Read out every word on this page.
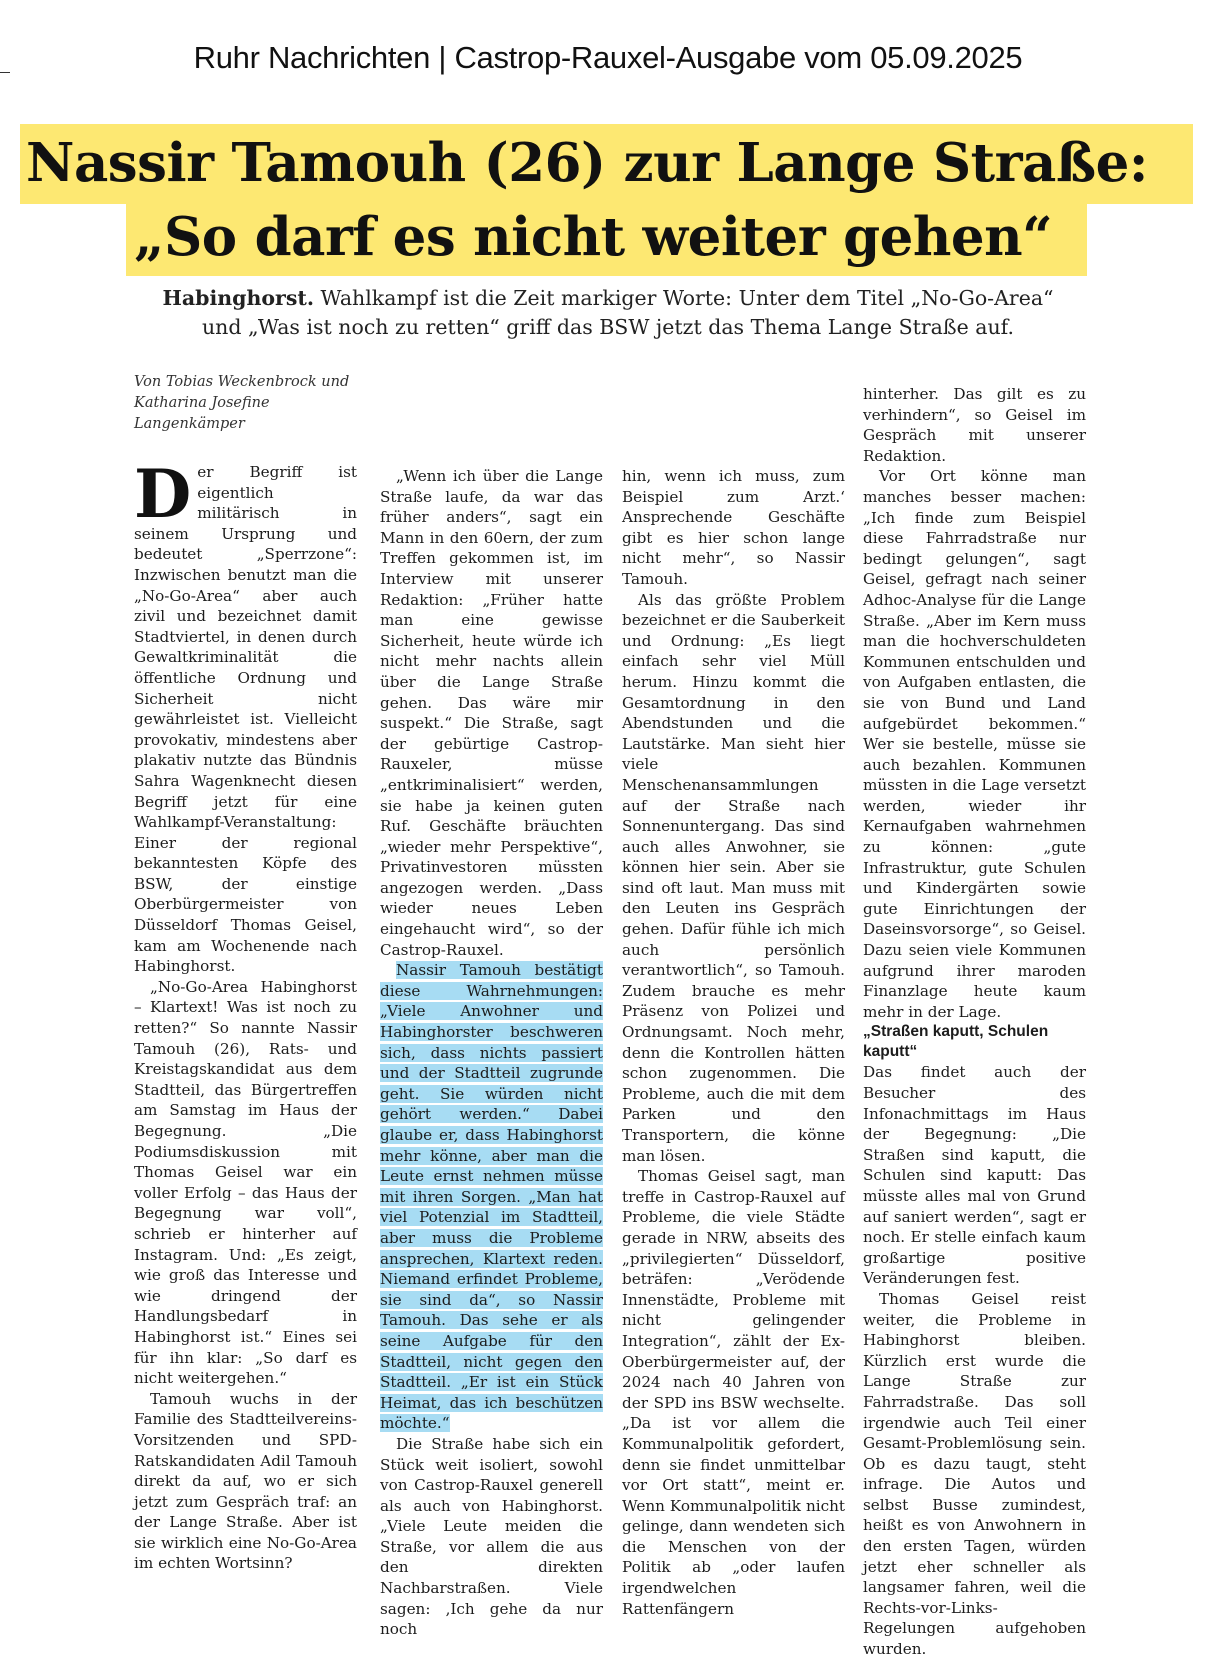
Ruhr Nachrichten | Castrop-Rauxel-Ausgabe vom 05.09.2025
Nassir Tamouh (26) zur Lange Straße:
„So darf es nicht weiter gehen“
Habinghorst. Wahlkampf ist die Zeit markiger Worte: Unter dem Titel „No-Go-Area“
und „Was ist noch zu retten“ griff das BSW jetzt das Thema Lange Straße auf.
Von Tobias Weckenbrock und Katharina Josefine Langenkämper

Der Begriff ist eigentlich militärisch in seinem Ursprung und bedeutet „Sperrzone“: Inzwischen benutzt man die „No-Go-Area“ aber auch zivil und bezeichnet damit Stadtviertel, in denen durch Gewaltkriminalität die öffentliche Ordnung und Sicherheit nicht gewährleistet ist. Vielleicht provokativ, mindestens aber plakativ nutzte das Bündnis Sahra Wagenknecht diesen Begriff jetzt für eine Wahlkampf-Veranstaltung: Einer der regional bekanntesten Köpfe des BSW, der einstige Oberbürgermeister von Düsseldorf Thomas Geisel, kam am Wochenende nach Habinghorst.

„No-Go-Area Habinghorst – Klartext! Was ist noch zu retten?“ So nannte Nassir Tamouh (26), Rats- und Kreistagskandidat aus dem Stadtteil, das Bürgertreffen am Samstag im Haus der Begegnung. „Die Podiumsdiskussion mit Thomas Geisel war ein voller Erfolg – das Haus der Begegnung war voll“, schrieb er hinterher auf Instagram. Und: „Es zeigt, wie groß das Interesse und wie dringend der Handlungsbedarf in Habinghorst ist.“ Eines sei für ihn klar: „So darf es nicht weitergehen.“

Tamouh wuchs in der Familie des Stadtteilvereins-Vorsitzenden und SPD-Ratskandidaten Adil Tamouh direkt da auf, wo er sich jetzt zum Gespräch traf: an der Lange Straße. Aber ist sie wirklich eine No-Go-Area im echten Wortsinn?

„Wenn ich über die Lange Straße laufe, da war das früher anders“, sagt ein Mann in den 60ern, der zum Treffen gekommen ist, im Interview mit unserer Redaktion: „Früher hatte man eine gewisse Sicherheit, heute würde ich nicht mehr nachts allein über die Lange Straße gehen. Das wäre mir suspekt.“ Die Straße, sagt der gebürtige Castrop-Rauxeler, müsse „entkriminalisiert“ werden, sie habe ja keinen guten Ruf. Geschäfte bräuchten „wieder mehr Perspektive“, Privatinvestoren müssten angezogen werden. „Dass wieder neues Leben eingehaucht wird“, so der Castrop-Rauxel.

Nassir Tamouh bestätigt diese Wahrnehmungen: „Viele Anwohner und Habinghorster beschweren sich, dass nichts passiert und der Stadtteil zugrunde geht. Sie würden nicht gehört werden.“ Dabei glaube er, dass Habinghorst mehr könne, aber man die Leute ernst nehmen müsse mit ihren Sorgen. „Man hat viel Potenzial im Stadtteil, aber muss die Probleme ansprechen, Klartext reden. Niemand erfindet Probleme, sie sind da“, so Nassir Tamouh. Das sehe er als seine Aufgabe für den Stadtteil, nicht gegen den Stadtteil. „Er ist ein Stück Heimat, das ich beschützen möchte.“

Die Straße habe sich ein Stück weit isoliert, sowohl von Castrop-Rauxel generell als auch von Habinghorst. „Viele Leute meiden die Straße, vor allem die aus den direkten Nachbarstraßen. Viele sagen: ‚Ich gehe da nur noch

hin, wenn ich muss, zum Beispiel zum Arzt.‘ Ansprechende Geschäfte gibt es hier schon lange nicht mehr“, so Nassir Tamouh.

Als das größte Problem bezeichnet er die Sauberkeit und Ordnung: „Es liegt einfach sehr viel Müll herum. Hinzu kommt die Gesamtordnung in den Abendstunden und die Lautstärke. Man sieht hier viele Menschenansammlungen auf der Straße nach Sonnenuntergang. Das sind auch alles Anwohner, sie können hier sein. Aber sie sind oft laut. Man muss mit den Leuten ins Gespräch gehen. Dafür fühle ich mich auch persönlich verantwortlich“, so Tamouh. Zudem brauche es mehr Präsenz von Polizei und Ordnungsamt. Noch mehr, denn die Kontrollen hätten schon zugenommen. Die Probleme, auch die mit dem Parken und den Transportern, die könne man lösen.

Thomas Geisel sagt, man treffe in Castrop-Rauxel auf Probleme, die viele Städte gerade in NRW, abseits des „privilegierten“ Düsseldorf, beträfen: „Verödende Innenstädte, Probleme mit nicht gelingender Integration“, zählt der Ex-Oberbürgermeister auf, der 2024 nach 40 Jahren von der SPD ins BSW wechselte. „Da ist vor allem die Kommunalpolitik gefordert, denn sie findet unmittelbar vor Ort statt“, meint er. Wenn Kommunalpolitik nicht gelinge, dann wendeten sich die Menschen von der Politik ab „oder laufen irgendwelchen Rattenfängern

hinterher. Das gilt es zu verhindern“, so Geisel im Gespräch mit unserer Redaktion.

Vor Ort könne man manches besser machen: „Ich finde zum Beispiel diese Fahrradstraße nur bedingt gelungen“, sagt Geisel, gefragt nach seiner Adhoc-Analyse für die Lange Straße. „Aber im Kern muss man die hochverschuldeten Kommunen entschulden und von Aufgaben entlasten, die sie von Bund und Land aufgebürdet bekommen.“ Wer sie bestelle, müsse sie auch bezahlen. Kommunen müssten in die Lage versetzt werden, wieder ihr Kernaufgaben wahrnehmen zu können: „gute Infrastruktur, gute Schulen und Kindergärten sowie gute Einrichtungen der Daseinsvorsorge“, so Geisel. Dazu seien viele Kommunen aufgrund ihrer maroden Finanzlage heute kaum mehr in der Lage.

„Straßen kaputt, Schulen kaputt“

Das findet auch der Besucher des Infonachmittags im Haus der Begegnung: „Die Straßen sind kaputt, die Schulen sind kaputt: Das müsste alles mal von Grund auf saniert werden“, sagt er noch. Er stelle einfach kaum großartige positive Veränderungen fest.

Thomas Geisel reist weiter, die Probleme in Habinghorst bleiben. Kürzlich erst wurde die Lange Straße zur Fahrradstraße. Das soll irgendwie auch Teil einer Gesamt-Problemlösung sein. Ob es dazu taugt, steht infrage. Die Autos und selbst Busse zumindest, heißt es von Anwohnern in den ersten Tagen, würden jetzt eher schneller als langsamer fahren, weil die Rechts-vor-Links-Regelungen aufgehoben wurden.
